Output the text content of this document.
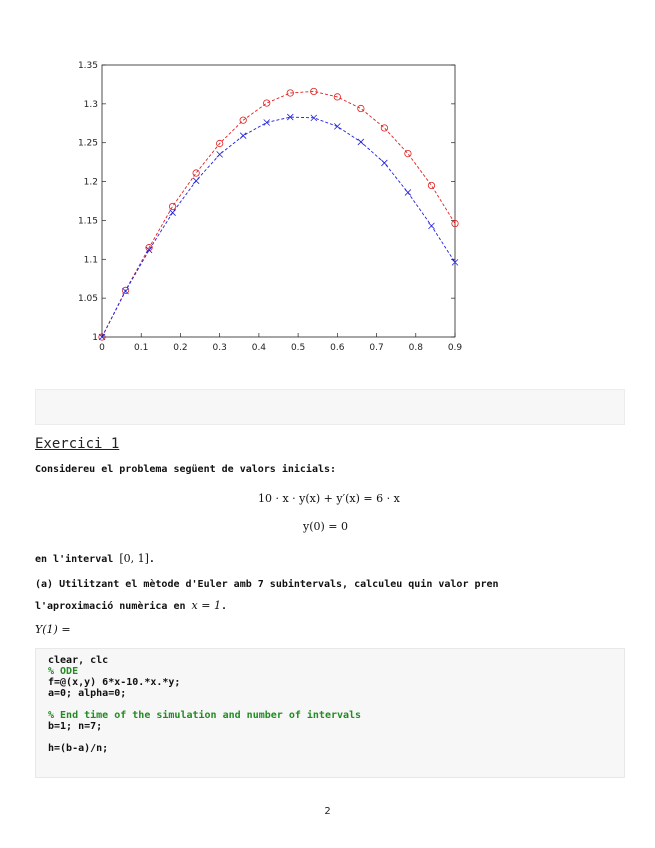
0	0.1	0.2	0.3	0.4	0.5	0.6	0.7	0.8	0.9
1
1.05
1.1
1.15
1.2
1.25
1.3
1.35
Exercici 1
Considereu el problema següent de valors inicials:
10 · x · y(x) + y′(x) = 6 · x
y(0) = 0
en l'interval [0, 1].
(a) Utilitzant el mètode d'Euler amb 7 subintervals, calculeu quin valor pren
l'aproximació numèrica en x = 1.
Y(1) =
clear, clc
% ODE
f=@(x,y) 6*x-10.*x.*y;
a=0; alpha=0;
% End time of the simulation and number of intervals
b=1; n=7;
h=(b-a)/n;
2
